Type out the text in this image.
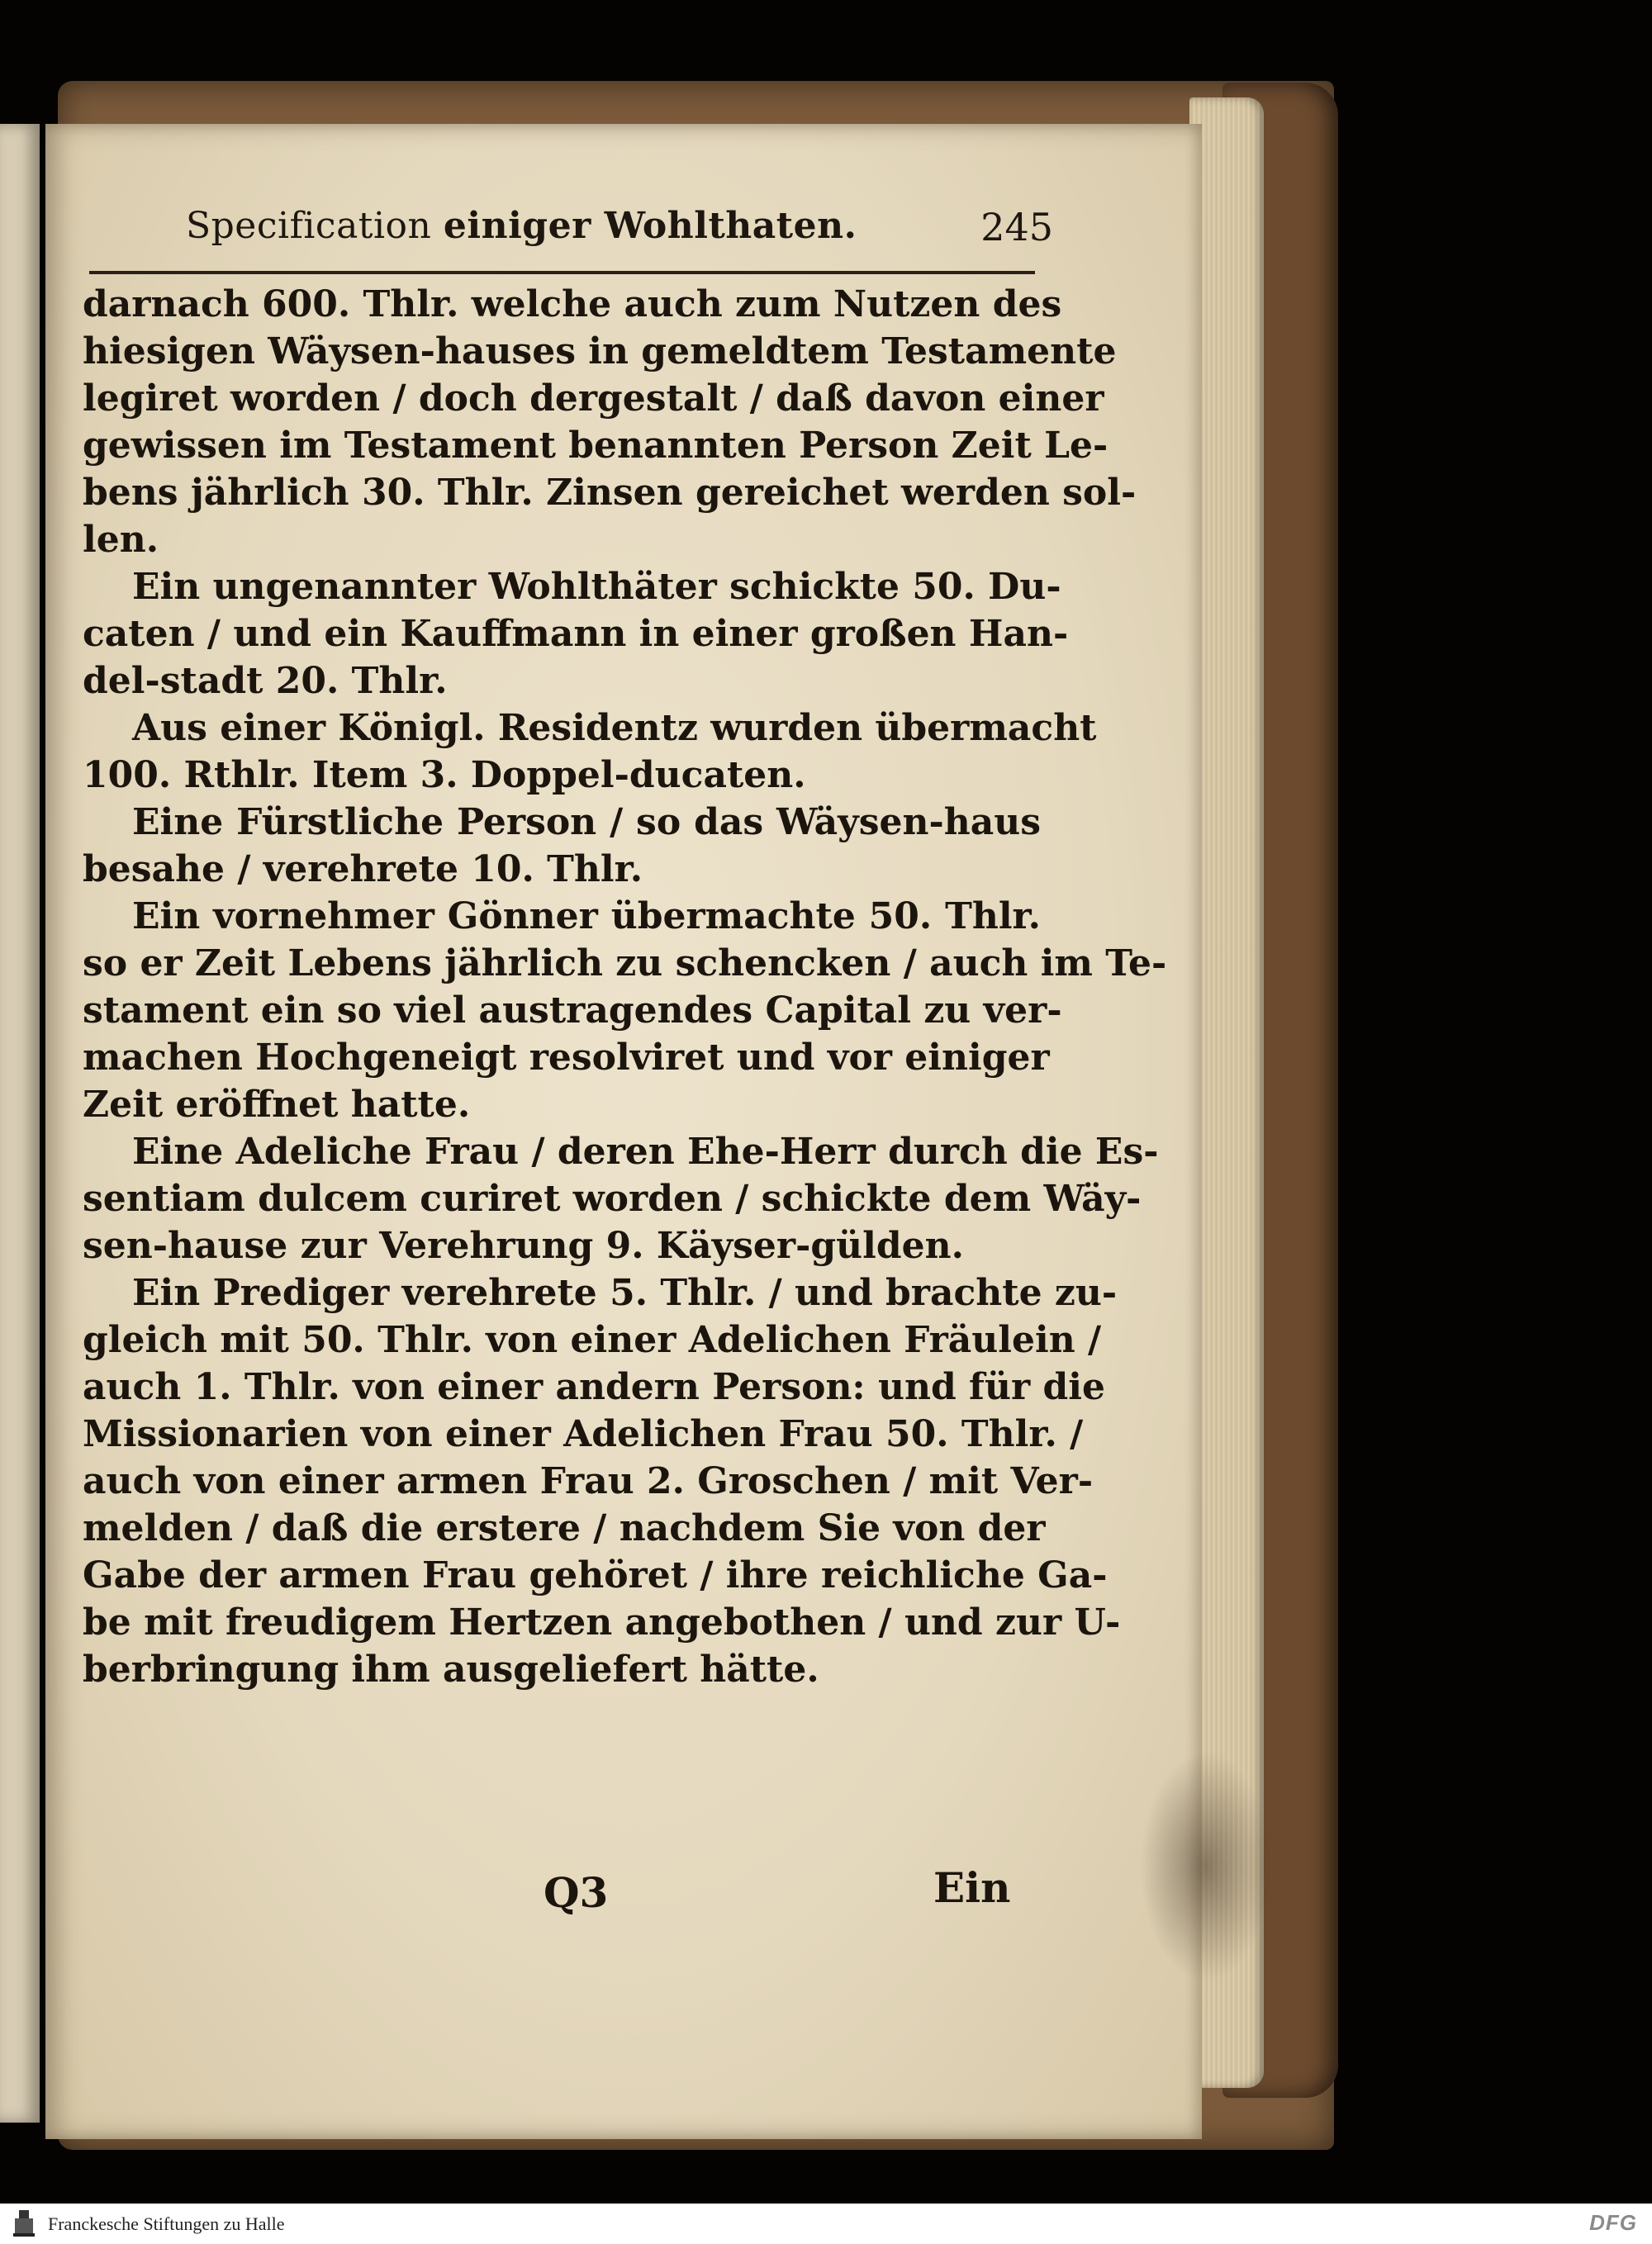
Specification einiger Wohlthaten.	245
darnach 600. Thlr. welche auch zum Nutzen des
hiesigen Wäysen-hauses in gemeldtem Testamente
legiret worden / doch dergestalt / daß davon einer
gewissen im Testament benannten Person Zeit Le-
bens jährlich 30. Thlr. Zinsen gereichet werden sol-
len.
Ein ungenannter Wohlthäter schickte 50. Du-
caten / und ein Kauffmann in einer großen Han-
del-stadt 20. Thlr.
Aus einer Königl. Residentz wurden übermacht
100. Rthlr. Item 3. Doppel-ducaten.
Eine Fürstliche Person / so das Wäysen-haus
besahe / verehrete 10. Thlr.
Ein vornehmer Gönner übermachte 50. Thlr.
so er Zeit Lebens jährlich zu schencken / auch im Te-
stament ein so viel austragendes Capital zu ver-
machen Hochgeneigt resolviret und vor einiger
Zeit eröffnet hatte.
Eine Adeliche Frau / deren Ehe-Herr durch die Es-
sentiam dulcem curiret worden / schickte dem Wäy-
sen-hause zur Verehrung 9. Käyser-gülden.
Ein Prediger verehrete 5. Thlr. / und brachte zu-
gleich mit 50. Thlr. von einer Adelichen Fräulein /
auch 1. Thlr. von einer andern Person: und für die
Missionarien von einer Adelichen Frau 50. Thlr. /
auch von einer armen Frau 2. Groschen / mit Ver-
melden / daß die erstere / nachdem Sie von der
Gabe der armen Frau gehöret / ihre reichliche Ga-
be mit freudigem Hertzen angebothen / und zur U-
berbringung ihm ausgeliefert hätte.
Q3	Ein
Franckesche Stiftungen zu Halle	DFG
